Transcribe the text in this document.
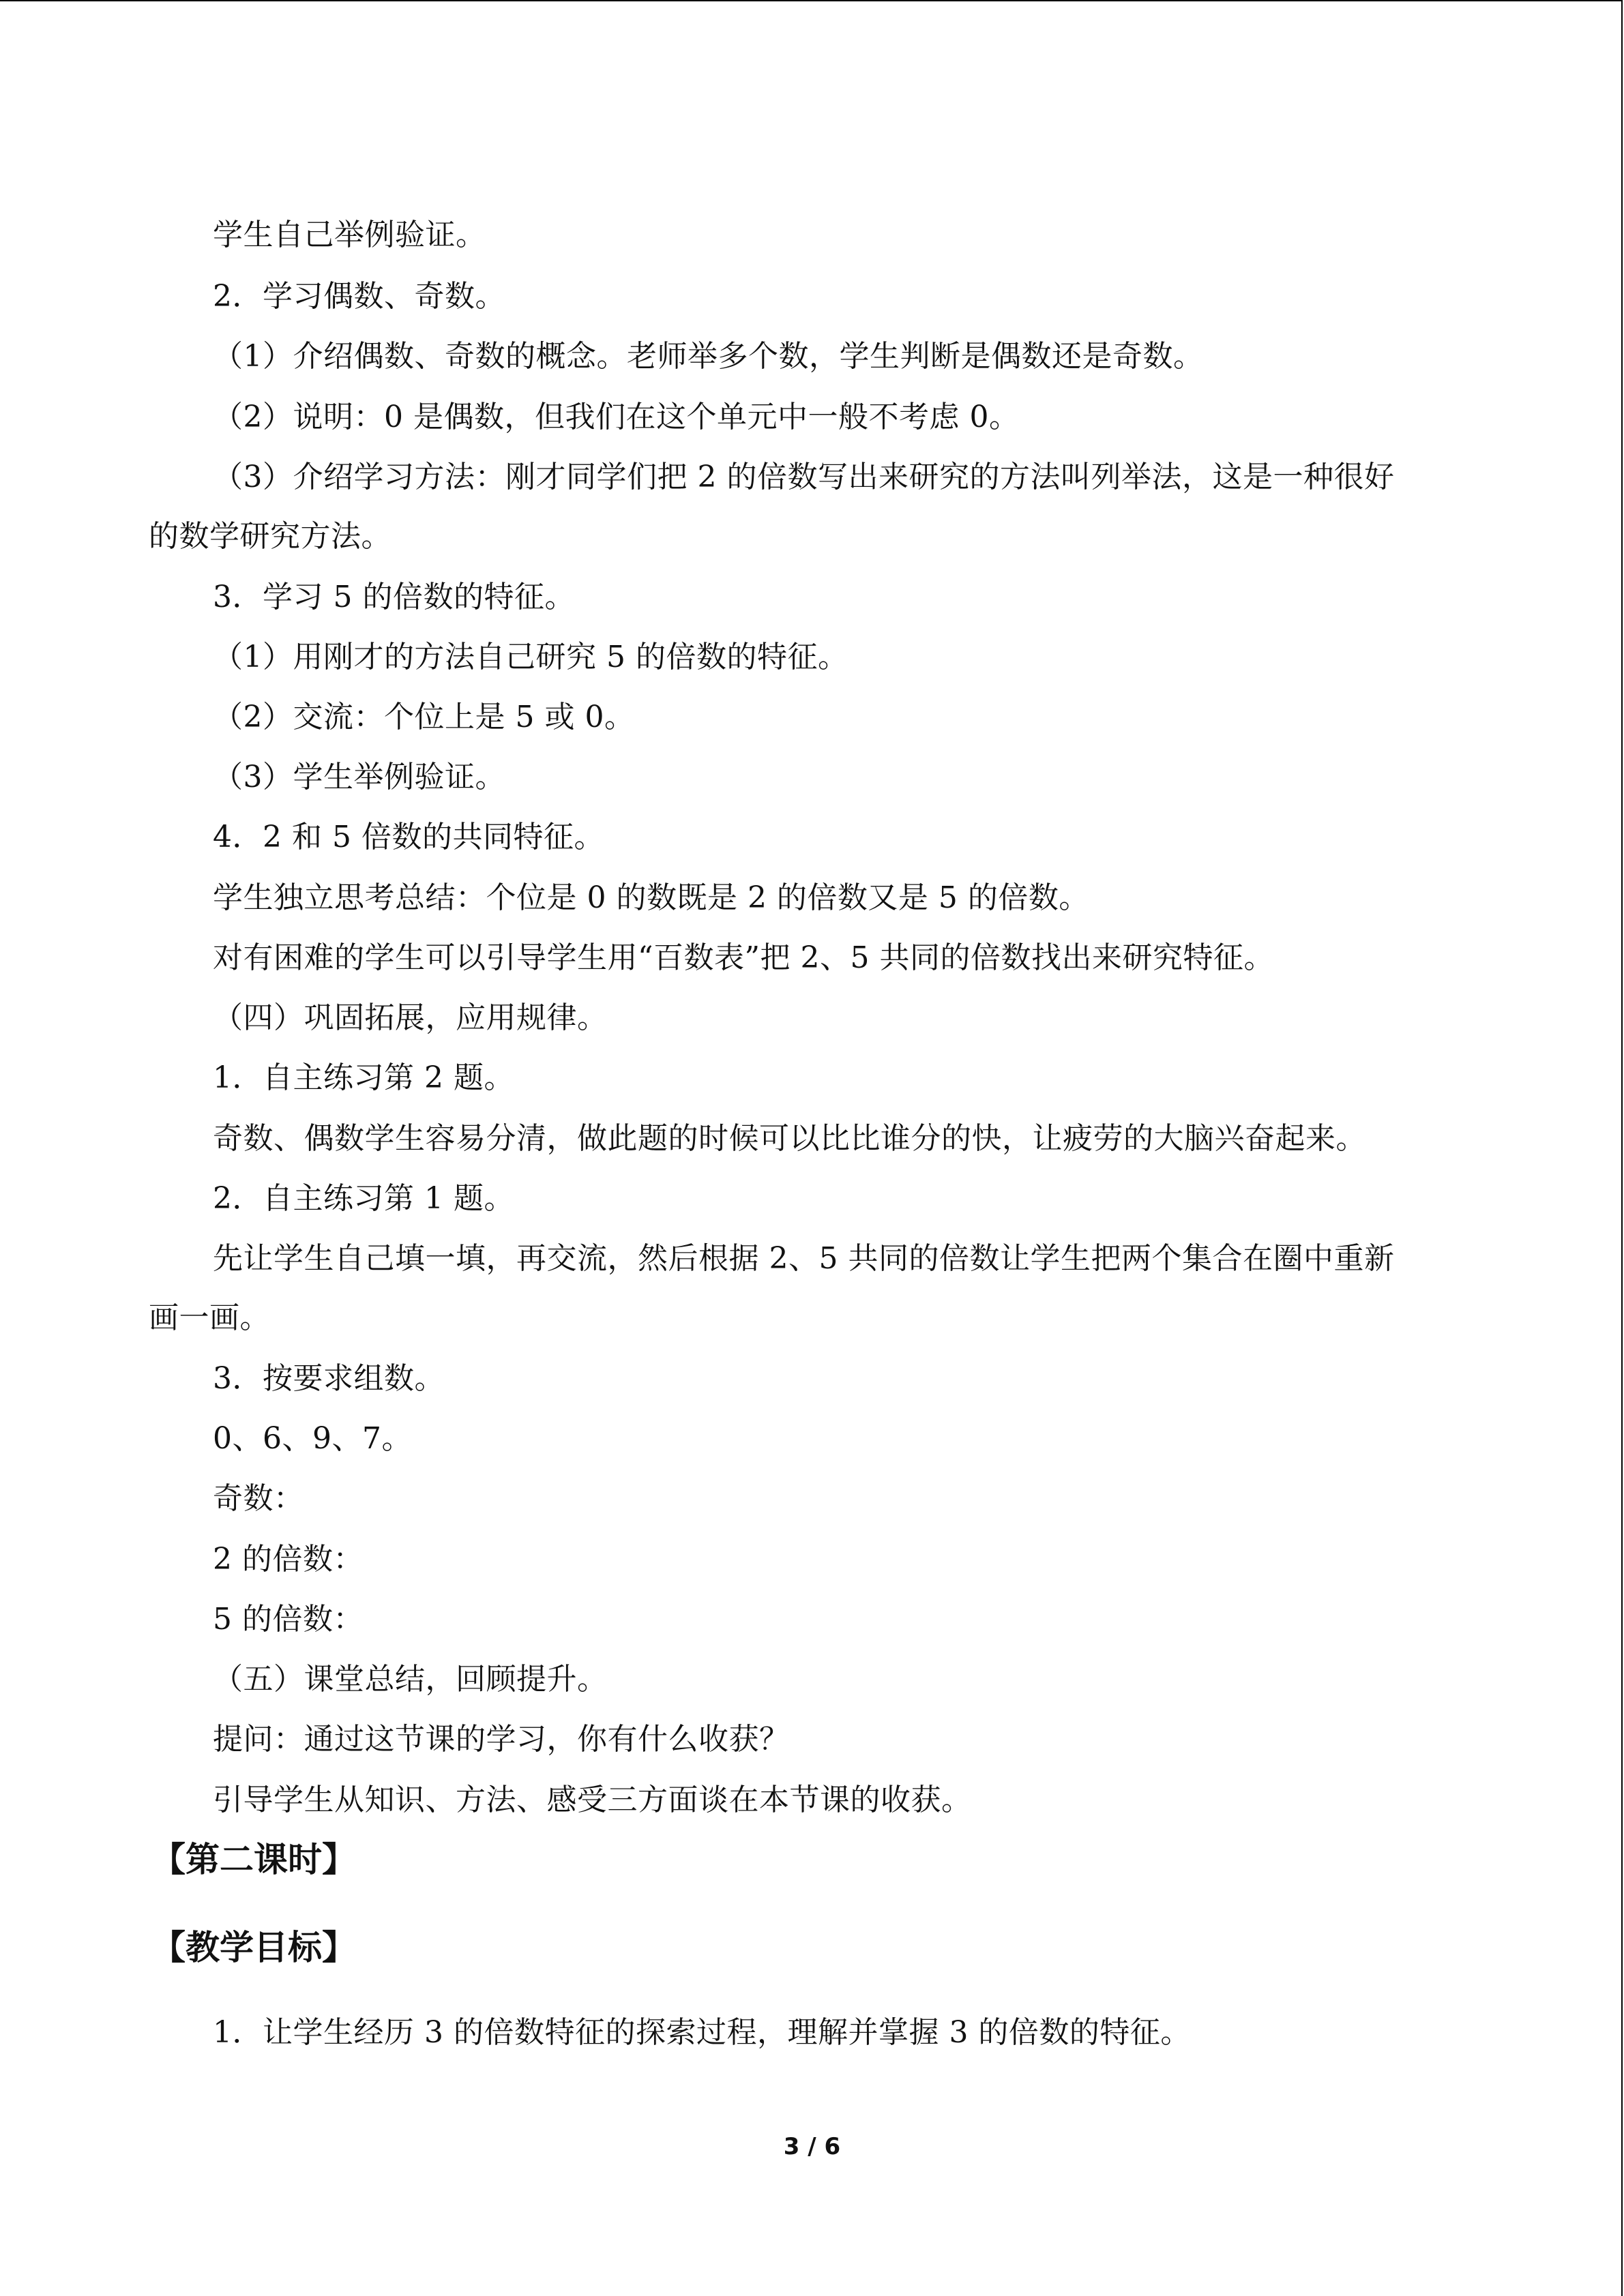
学生自己举例验证。
2．学习偶数、奇数。
（1）介绍偶数、奇数的概念。老师举多个数，学生判断是偶数还是奇数。
（2）说明：0 是偶数，但我们在这个单元中一般不考虑 0。
（3）介绍学习方法：刚才同学们把 2 的倍数写出来研究的方法叫列举法，这是一种很好
的数学研究方法。
3．学习 5 的倍数的特征。
（1）用刚才的方法自己研究 5 的倍数的特征。
（2）交流：个位上是 5 或 0。
（3）学生举例验证。
4．2 和 5 倍数的共同特征。
学生独立思考总结：个位是 0 的数既是 2 的倍数又是 5 的倍数。
对有困难的学生可以引导学生用“百数表”把 2、5 共同的倍数找出来研究特征。
（四）巩固拓展，应用规律。
1．自主练习第 2 题。
奇数、偶数学生容易分清，做此题的时候可以比比谁分的快，让疲劳的大脑兴奋起来。
2．自主练习第 1 题。
先让学生自己填一填，再交流，然后根据 2、5 共同的倍数让学生把两个集合在圈中重新
画一画。
3．按要求组数。
0、6、9、7。
奇数：
2 的倍数：
5 的倍数：
（五）课堂总结，回顾提升。
提问：通过这节课的学习，你有什么收获？
引导学生从知识、方法、感受三方面谈在本节课的收获。
【第二课时】
【教学目标】
1．让学生经历 3 的倍数特征的探索过程，理解并掌握 3 的倍数的特征。
3 / 6
